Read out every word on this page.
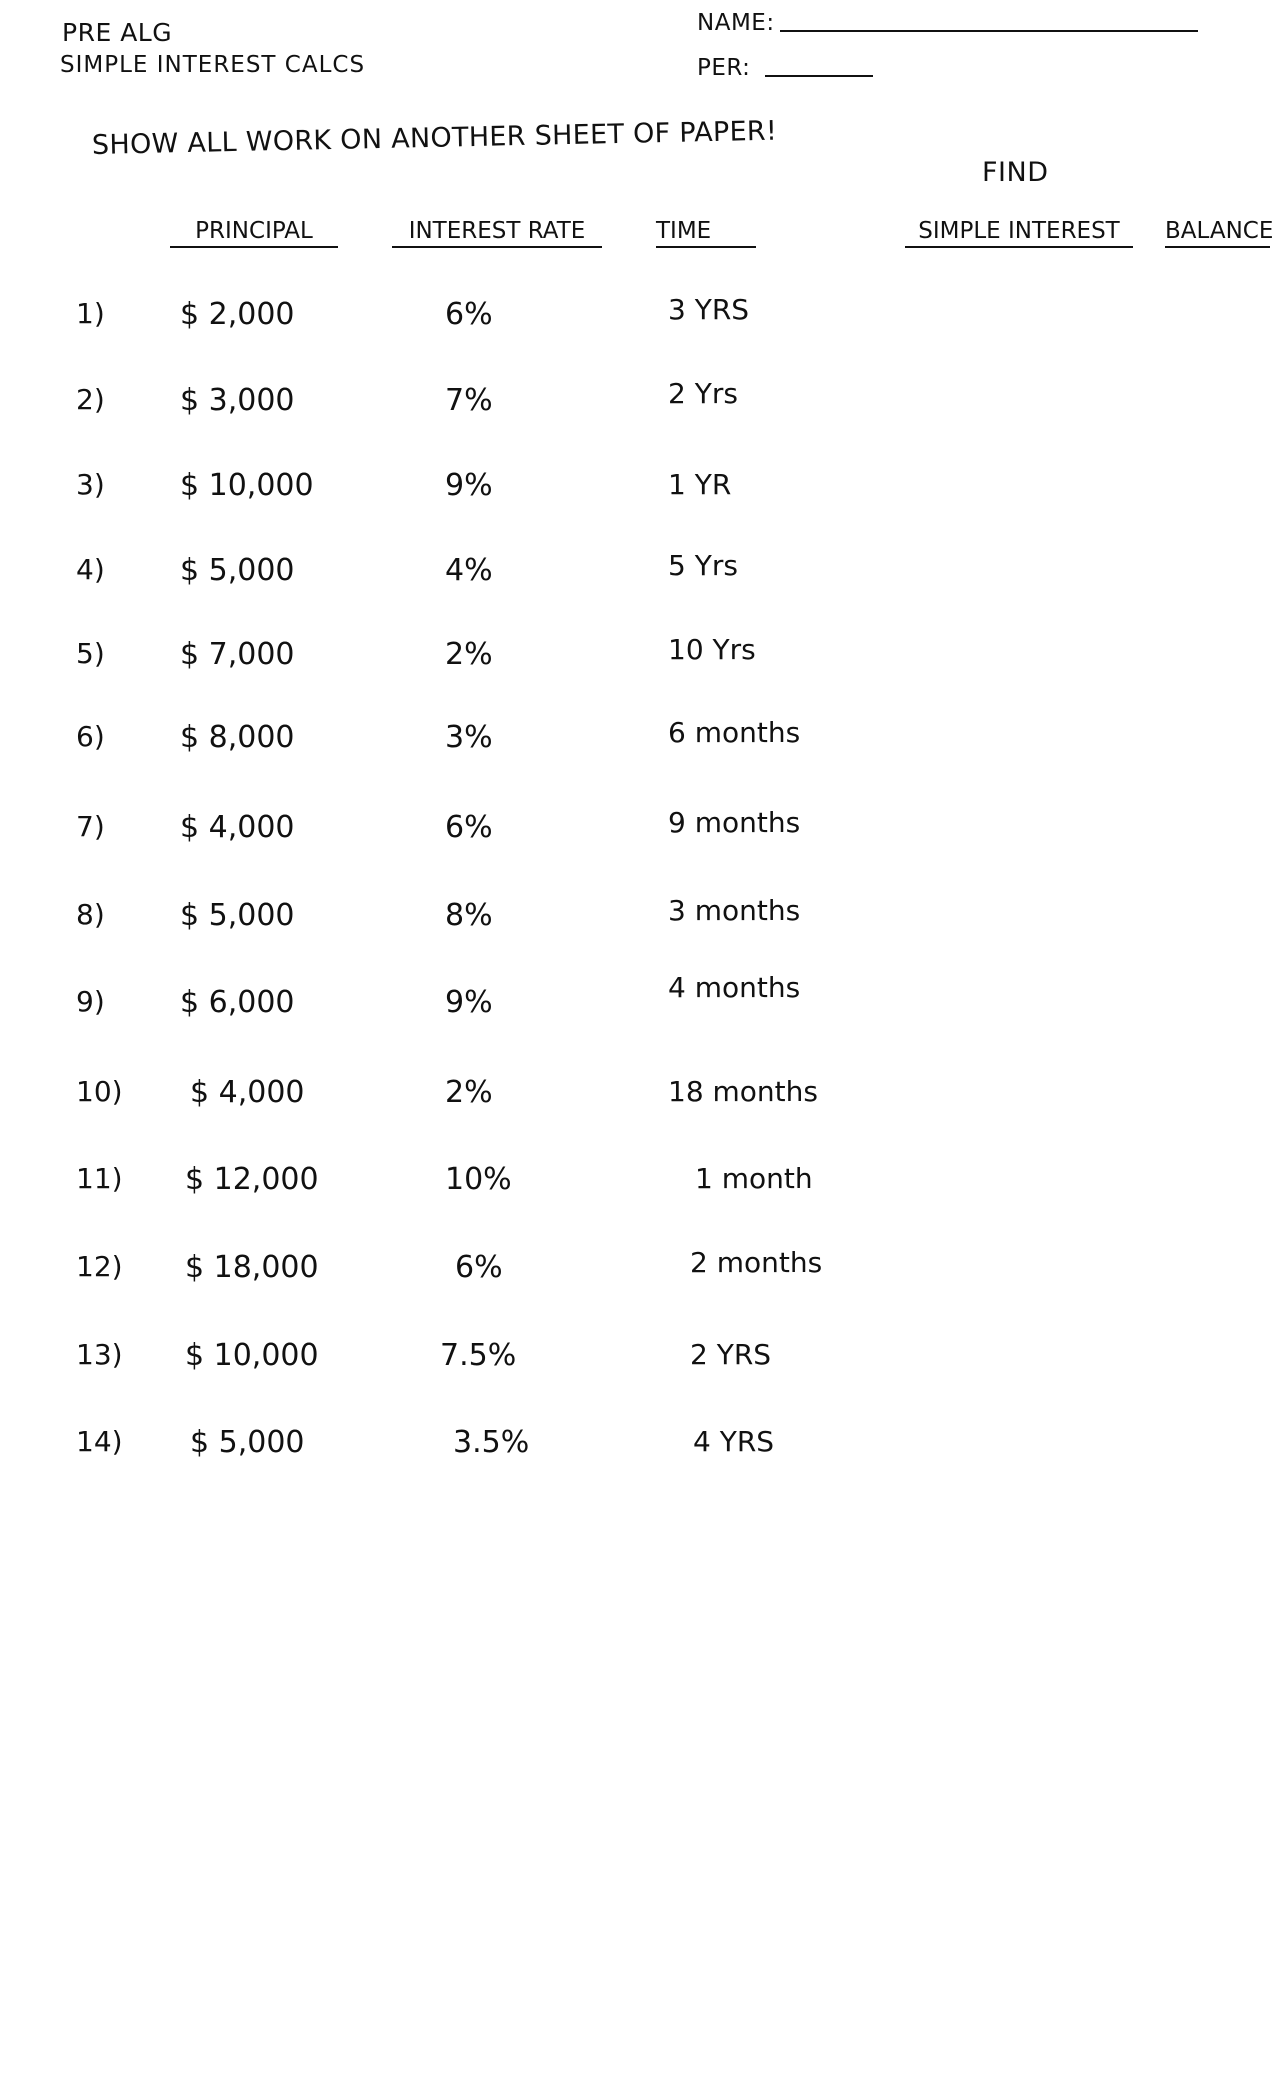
PRE ALG
SIMPLE INTEREST CALCS
NAME:
PER:
SHOW ALL WORK ON ANOTHER SHEET OF PAPER!
FIND
PRINCIPAL	INTEREST RATE	TIME	SIMPLE INTEREST	BALANCE
1)	$ 2,000	6%	3 YRS
2)	$ 3,000	7%	2 Yrs
3)	$ 10,000	9%	1 YR
4)	$ 5,000	4%	5 Yrs
5)	$ 7,000	2%	10 Yrs
6)	$ 8,000	3%	6 months
7)	$ 4,000	6%	9 months
8)	$ 5,000	8%	3 months
9)	$ 6,000	9%	4 months
10) $ 4,000	2%	18 months
11) $ 12,000	10%	1 month
12) $ 18,000	6%	2 months
13) $ 10,000	7.5%	2 YRS
14) $ 5,000	3.5%	4 YRS
